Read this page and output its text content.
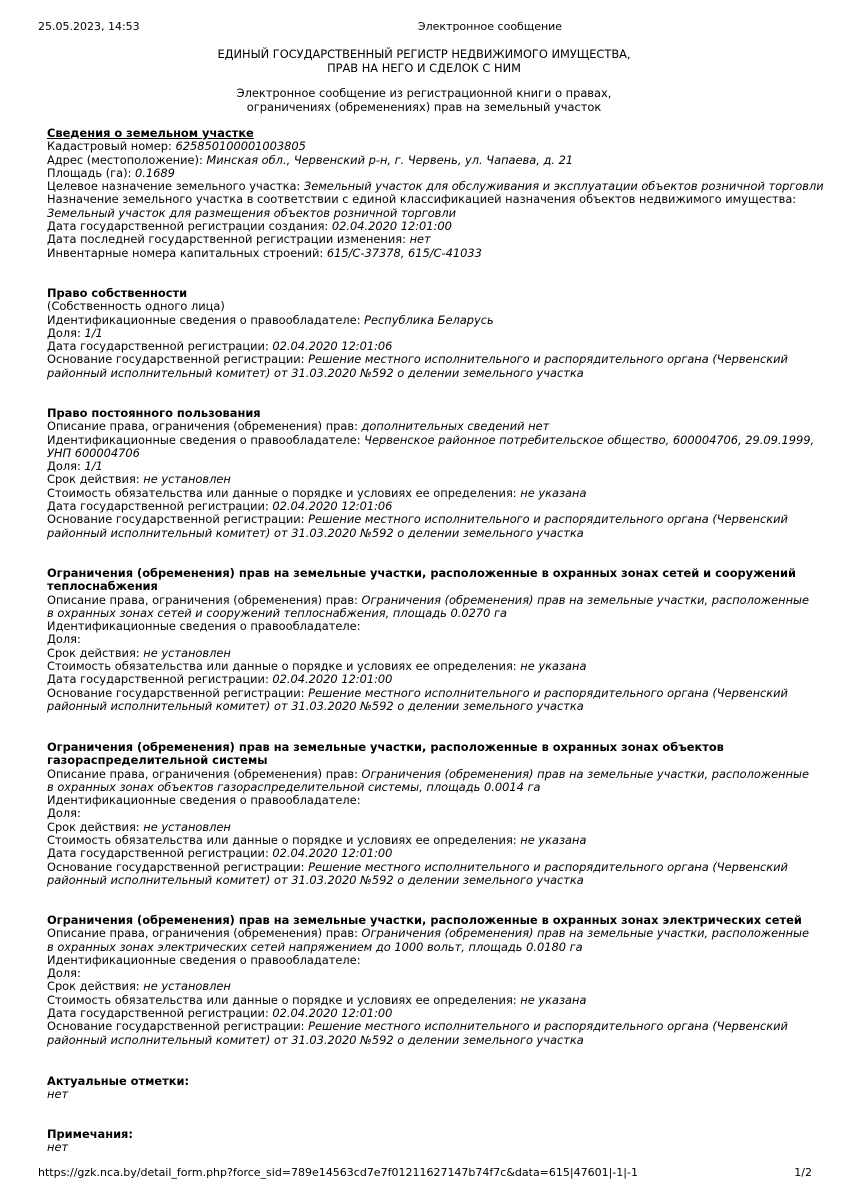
25.05.2023, 14:53	Электронное сообщение
ЕДИНЫЙ ГОСУДАРСТВЕННЫЙ РЕГИСТР НЕДВИЖИМОГО ИМУЩЕСТВА,
ПРАВ НА НЕГО И СДЕЛОК С НИМ
Электронное сообщение из регистрационной книги о правах,
ограничениях (обременениях) прав на земельный участок
Сведения о земельном участке
Кадастровый номер: 625850100001003805
Адрес (местоположение): Минская обл., Червенский р-н, г. Червень, ул. Чапаева, д. 21
Площадь (га): 0.1689
Целевое назначение земельного участка: Земельный участок для обслуживания и эксплуатации объектов розничной торговли
Назначение земельного участка в соответствии с единой классификацией назначения объектов недвижимого имущества:
Земельный участок для размещения объектов розничной торговли
Дата государственной регистрации создания: 02.04.2020 12:01:00
Дата последней государственной регистрации изменения: нет
Инвентарные номера капитальных строений: 615/С-37378, 615/С-41033
Право собственности
(Собственность одного лица)
Идентификационные сведения о правообладателе: Республика Беларусь
Доля: 1/1
Дата государственной регистрации: 02.04.2020 12:01:06
Основание государственной регистрации: Решение местного исполнительного и распорядительного органа (Червенский
районный исполнительный комитет) от 31.03.2020 №592 о делении земельного участка
Право постоянного пользования
Описание права, ограничения (обременения) прав: дополнительных сведений нет
Идентификационные сведения о правообладателе: Червенское районное потребительское общество, 600004706, 29.09.1999,
УНП 600004706
Доля: 1/1
Срок действия: не установлен
Стоимость обязательства или данные о порядке и условиях ее определения: не указана
Дата государственной регистрации: 02.04.2020 12:01:06
Основание государственной регистрации: Решение местного исполнительного и распорядительного органа (Червенский
районный исполнительный комитет) от 31.03.2020 №592 о делении земельного участка
Ограничения (обременения) прав на земельные участки, расположенные в охранных зонах сетей и сооружений
теплоснабжения
Описание права, ограничения (обременения) прав: Ограничения (обременения) прав на земельные участки, расположенные
в охранных зонах сетей и сооружений теплоснабжения, площадь 0.0270 га
Идентификационные сведения о правообладателе:
Доля:
Срок действия: не установлен
Стоимость обязательства или данные о порядке и условиях ее определения: не указана
Дата государственной регистрации: 02.04.2020 12:01:00
Основание государственной регистрации: Решение местного исполнительного и распорядительного органа (Червенский
районный исполнительный комитет) от 31.03.2020 №592 о делении земельного участка
Ограничения (обременения) прав на земельные участки, расположенные в охранных зонах объектов
газораспределительной системы
Описание права, ограничения (обременения) прав: Ограничения (обременения) прав на земельные участки, расположенные
в охранных зонах объектов газораспределительной системы, площадь 0.0014 га
Идентификационные сведения о правообладателе:
Доля:
Срок действия: не установлен
Стоимость обязательства или данные о порядке и условиях ее определения: не указана
Дата государственной регистрации: 02.04.2020 12:01:00
Основание государственной регистрации: Решение местного исполнительного и распорядительного органа (Червенский
районный исполнительный комитет) от 31.03.2020 №592 о делении земельного участка
Ограничения (обременения) прав на земельные участки, расположенные в охранных зонах электрических сетей
Описание права, ограничения (обременения) прав: Ограничения (обременения) прав на земельные участки, расположенные
в охранных зонах электрических сетей напряжением до 1000 вольт, площадь 0.0180 га
Идентификационные сведения о правообладателе:
Доля:
Срок действия: не установлен
Стоимость обязательства или данные о порядке и условиях ее определения: не указана
Дата государственной регистрации: 02.04.2020 12:01:00
Основание государственной регистрации: Решение местного исполнительного и распорядительного органа (Червенский
районный исполнительный комитет) от 31.03.2020 №592 о делении земельного участка
Актуальные отметки:
нет
Примечания:
нет
https://gzk.nca.by/detail_form.php?force_sid=789e14563cd7e7f01211627147b74f7c&data=615|47601|-1|-1	1/2
